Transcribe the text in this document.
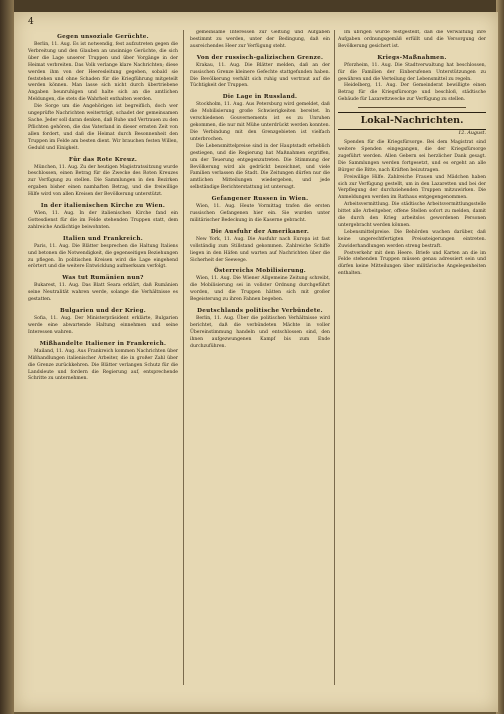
4
Gegen unsoziale Gerüchte.

Berlin, 11. Aug. Es ist notwendig, fest aufzutreten gegen die Verbreitung und den Glauben an unsinnige Gerüchte, die sich über die Lage unserer Truppen und über Vorgänge in der Heimat verbreiten. Das Volk verlange klare Nachrichten; diese werden ihm von der Heeresleitung gegeben, sobald sie feststehen und ohne Schaden für die Kriegführung mitgeteilt werden können. Man lasse sich nicht durch übertriebene Angaben beunruhigen und halte sich an die amtlichen Meldungen, die stets die Wahrheit enthalten werden.

Die Sorge um die Angehörigen ist begreiflich, doch wer ungeprüfte Nachrichten weiterträgt, schadet der gemeinsamen Sache. Jeder soll daran denken, daß Ruhe und Vertrauen zu den Pflichten gehören, die das Vaterland in dieser ernsten Zeit von allen fordert, und daß die Heimat durch Besonnenheit den Truppen im Felde am besten dient. Wir brauchen festen Willen, Geduld und Einigkeit.

Für das Rote Kreuz.

München, 11. Aug. Zu der heutigen Magistratssitzung wurde beschlossen, einen Betrag für die Zwecke des Roten Kreuzes zur Verfügung zu stellen. Die Sammlungen in den Bezirken ergaben bisher einen namhaften Betrag, und die freiwillige Hilfe wird von allen Kreisen der Bevölkerung unterstützt.

In der italienischen Kirche zu Wien.

Wien, 11. Aug. In der italienischen Kirche fand ein Gottesdienst für die im Felde stehenden Truppen statt, dem zahlreiche Andächtige beiwohnten.

Italien und Frankreich.

Paris, 11. Aug. Die Blätter besprechen die Haltung Italiens und betonen die Notwendigkeit, die gegenseitigen Beziehungen zu pflegen. In politischen Kreisen wird die Lage eingehend erörtert und die weitere Entwicklung aufmerksam verfolgt.

Was tut Rumänien nun?

Bukarest, 11. Aug. Das Blatt Seara erklärt, daß Rumänien seine Neutralität wahren werde, solange die Verhältnisse es gestatten.

Bulgarien und der Krieg.

Sofia, 11. Aug. Der Ministerpräsident erklärte, Bulgarien werde eine abwartende Haltung einnehmen und seine Interessen wahren.

Mißhandelte Italiener in Frankreich.

Mailand, 11. Aug. Aus Frankreich kommen Nachrichten über Mißhandlungen italienischer Arbeiter, die in großer Zahl über die Grenze zurückkehren. Die Blätter verlangen Schutz für die Landsleute und fordern die Regierung auf, entsprechende Schritte zu unternehmen.

gemeinsame Interessen zur Geltung und Aufgaben bestimmt zu werden, unter der Bedingung, daß ein ausreichendes Heer zur Verfügung steht.

Von der russisch-galizischen Grenze.

Krakau, 11. Aug. Die Blätter melden, daß an der russischen Grenze kleinere Gefechte stattgefunden haben. Die Bevölkerung verhält sich ruhig und vertraut auf die Tüchtigkeit der Truppen.

Die Lage in Russland.

Stockholm, 11. Aug. Aus Petersburg wird gemeldet, daß die Mobilisierung große Schwierigkeiten bereitet. In verschiedenen Gouvernements ist es zu Unruhen gekommen, die nur mit Mühe unterdrückt werden konnten. Die Verbindung mit den Grenzgebieten ist vielfach unterbrochen.

Die Lebensmittelpreise sind in der Hauptstadt erheblich gestiegen, und die Regierung hat Maßnahmen ergriffen, um der Teuerung entgegenzutreten. Die Stimmung der Bevölkerung wird als gedrückt bezeichnet, und viele Familien verlassen die Stadt. Die Zeitungen dürfen nur die amtlichen Mitteilungen wiedergeben, und jede selbständige Berichterstattung ist untersagt.

Gefangener Russen in Wien.

Wien, 11. Aug. Heute Vormittag trafen die ersten russischen Gefangenen hier ein. Sie wurden unter militärischer Bedeckung in die Kaserne gebracht.

Die Ausfuhr der Amerikaner.

New York, 11. Aug. Die Ausfuhr nach Europa ist fast vollständig zum Stillstand gekommen. Zahlreiche Schiffe liegen in den Häfen und warten auf Nachrichten über die Sicherheit der Seewege.

Österreichs Mobilisierung.

Wien, 11. Aug. Die Wiener Allgemeine Zeitung schreibt, die Mobilisierung sei in vollster Ordnung durchgeführt worden, und die Truppen hätten sich mit großer Begeisterung zu ihren Fahnen begeben.

Deutschlands politische Verbündete.

Berlin, 11. Aug. Über die politischen Verhältnisse wird berichtet, daß die verbündeten Mächte in voller Übereinstimmung handeln und entschlossen sind, den ihnen aufgezwungenen Kampf bis zum Ende durchzuführen.

Im übrigen wurde festgestellt, daß die Verwaltung ihre Aufgaben ordnungsgemäß erfüllt und die Versorgung der Bevölkerung gesichert ist.

Kriegs-Maßnahmen.

Pforzheim, 11. Aug. Die Stadtverwaltung hat beschlossen, für die Familien der Einberufenen Unterstützungen zu gewähren und die Verteilung der Lebensmittel zu regeln.

Heidelberg, 11. Aug. Der Gemeinderat bewilligte einen Betrag für die Kriegsfürsorge und beschloß, städtische Gebäude für Lazarettzwecke zur Verfügung zu stellen.

Lokal-Nachrichten.
12. August.

Spenden für die Kriegsfürsorge. Bei dem Magistrat sind weitere Spenden eingegangen, die der Kriegsfürsorge zugeführt werden. Allen Gebern sei herzlicher Dank gesagt. Die Sammlungen werden fortgesetzt, und es ergeht an alle Bürger die Bitte, nach Kräften beizutragen.

Freiwillige Hilfe. Zahlreiche Frauen und Mädchen haben sich zur Verfügung gestellt, um in den Lazaretten und bei der Verpflegung der durchziehenden Truppen mitzuwirken. Die Anmeldungen werden im Rathaus entgegengenommen.

Arbeitsvermittlung. Die städtische Arbeitsvermittlungsstelle bittet alle Arbeitgeber, offene Stellen sofort zu melden, damit die durch den Krieg arbeitslos gewordenen Personen untergebracht werden können.

Lebensmittelpreise. Die Behörden wachen darüber, daß keine ungerechtfertigten Preissteigerungen eintreten. Zuwiderhandlungen werden streng bestraft.

Postverkehr mit dem Heere. Briefe und Karten an die im Felde stehenden Truppen müssen genau adressiert sein und dürfen keine Mitteilungen über militärische Angelegenheiten enthalten.
